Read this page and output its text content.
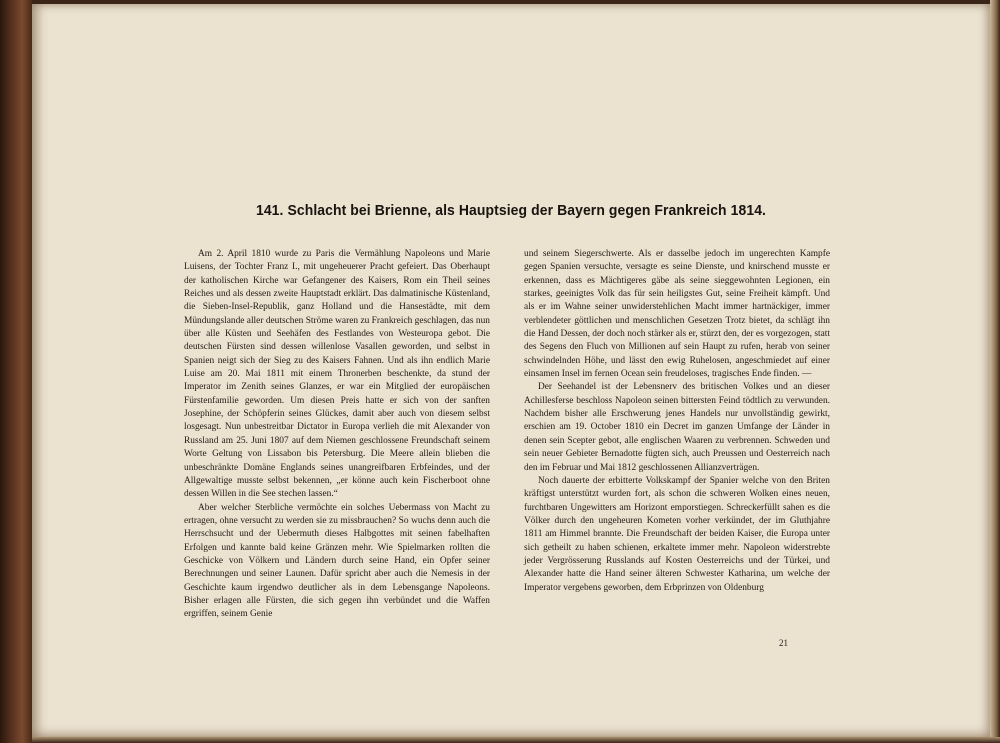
141. Schlacht bei Brienne, als Hauptsieg der Bayern gegen Frankreich 1814.

Am 2. April 1810 wurde zu Paris die Vermählung Napoleons und Marie Luisens, der Tochter Franz I., mit ungeheuerer Pracht gefeiert. Das Oberhaupt der katholischen Kirche war Gefangener des Kaisers, Rom ein Theil seines Reiches und als dessen zweite Hauptstadt erklärt. Das dalmatinische Küstenland, die Sieben-Insel-Republik, ganz Holland und die Hansestädte, mit dem Mündungslande aller deutschen Ströme waren zu Frankreich geschlagen, das nun über alle Küsten und Seehäfen des Festlandes von Westeuropa gebot. Die deutschen Fürsten sind dessen willenlose Vasallen geworden, und selbst in Spanien neigt sich der Sieg zu des Kaisers Fahnen. Und als ihn endlich Marie Luise am 20. Mai 1811 mit einem Thronerben beschenkte, da stund der Imperator im Zenith seines Glanzes, er war ein Mitglied der europäischen Fürstenfamilie geworden. Um diesen Preis hatte er sich von der sanften Josephine, der Schöpferin seines Glückes, damit aber auch von diesem selbst losgesagt. Nun unbestreitbar Dictator in Europa verlieh die mit Alexander von Russland am 25. Juni 1807 auf dem Niemen geschlossene Freundschaft seinem Worte Geltung von Lissabon bis Petersburg. Die Meere allein blieben die unbeschränkte Domäne Englands seines unangreifbaren Erbfeindes, und der Allgewaltige musste selbst bekennen, „er könne auch kein Fischerboot ohne dessen Willen in die See stechen lassen.“

Aber welcher Sterbliche vermöchte ein solches Uebermass von Macht zu ertragen, ohne versucht zu werden sie zu missbrauchen? So wuchs denn auch die Herrschsucht und der Uebermuth dieses Halbgottes mit seinen fabelhaften Erfolgen und kannte bald keine Gränzen mehr. Wie Spielmarken rollten die Geschicke von Völkern und Ländern durch seine Hand, ein Opfer seiner Berechnungen und seiner Launen. Dafür spricht aber auch die Nemesis in der Geschichte kaum irgendwo deutlicher als in dem Lebensgange Napoleons. Bisher erlagen alle Fürsten, die sich gegen ihn verbündet und die Waffen ergriffen, seinem Genie

und seinem Siegerschwerte. Als er dasselbe jedoch im ungerechten Kampfe gegen Spanien versuchte, versagte es seine Dienste, und knirschend musste er erkennen, dass es Mächtigeres gäbe als seine sieggewohnten Legionen, ein starkes, geeinigtes Volk das für sein heiligstes Gut, seine Freiheit kämpft. Und als er im Wahne seiner unwiderstehlichen Macht immer hartnäckiger, immer verblendeter göttlichen und menschlichen Gesetzen Trotz bietet, da schlägt ihn die Hand Dessen, der doch noch stärker als er, stürzt den, der es vorgezogen, statt des Segens den Fluch von Millionen auf sein Haupt zu rufen, herab von seiner schwindelnden Höhe, und lässt den ewig Ruhelosen, angeschmiedet auf einer einsamen Insel im fernen Ocean sein freudeloses, tragisches Ende finden. —

Der Seehandel ist der Lebensnerv des britischen Volkes und an dieser Achillesferse beschloss Napoleon seinen bittersten Feind tödtlich zu verwunden. Nachdem bisher alle Erschwerung jenes Handels nur unvollständig gewirkt, erschien am 19. October 1810 ein Decret im ganzen Umfange der Länder in denen sein Scepter gebot, alle englischen Waaren zu verbrennen. Schweden und sein neuer Gebieter Bernadotte fügten sich, auch Preussen und Oesterreich nach den im Februar und Mai 1812 geschlossenen Allianzverträgen.

Noch dauerte der erbitterte Volkskampf der Spanier welche von den Briten kräftigst unterstützt wurden fort, als schon die schweren Wolken eines neuen, furchtbaren Ungewitters am Horizont emporstiegen. Schreckerfüllt sahen es die Völker durch den ungeheuren Kometen vorher verkündet, der im Gluthjahre 1811 am Himmel brannte. Die Freundschaft der beiden Kaiser, die Europa unter sich getheilt zu haben schienen, erkaltete immer mehr. Napoleon widerstrebte jeder Vergrösserung Russlands auf Kosten Oesterreichs und der Türkei, und Alexander hatte die Hand seiner älteren Schwester Katharina, um welche der Imperator vergebens geworben, dem Erbprinzen von Oldenburg

21
